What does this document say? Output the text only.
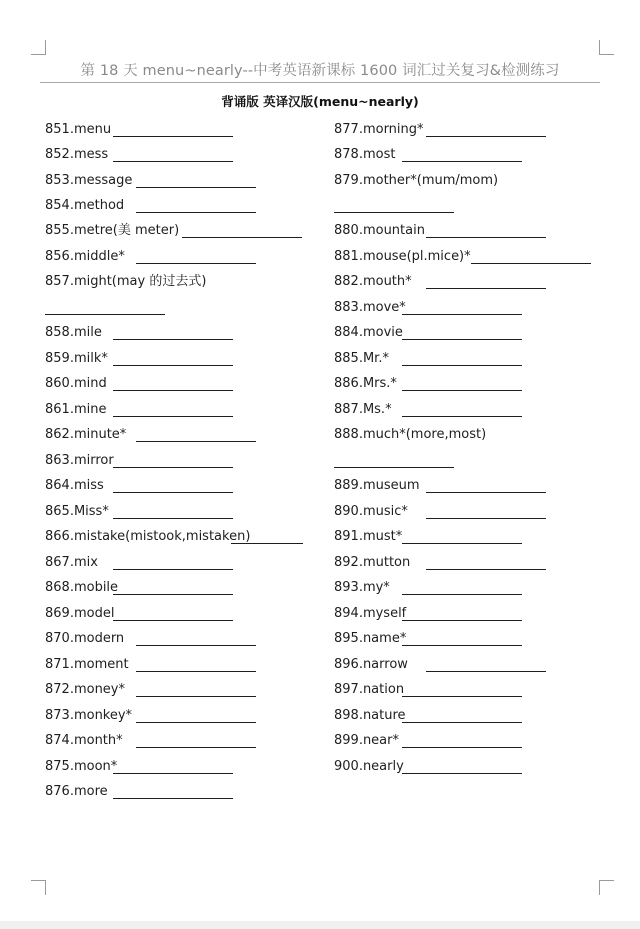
第 18 天 menu~nearly--中考英语新课标 1600 词汇过关复习&检测练习
背诵版 英译汉版(menu~nearly)
851.menu
852.mess
853.message
854.method
855.metre(美 meter)
856.middle*
857.might(may 的过去式)
858.mile
859.milk*
860.mind
861.mine
862.minute*
863.mirror
864.miss
865.Miss*
866.mistake(mistook,mistaken)
867.mix
868.mobile
869.model
870.modern
871.moment
872.money*
873.monkey*
874.month*
875.moon*
876.more
877.morning*
878.most
879.mother*(mum/mom)
880.mountain
881.mouse(pl.mice)*
882.mouth*
883.move*
884.movie
885.Mr.*
886.Mrs.*
887.Ms.*
888.much*(more,most)
889.museum
890.music*
891.must*
892.mutton
893.my*
894.myself
895.name*
896.narrow
897.nation
898.nature
899.near*
900.nearly
